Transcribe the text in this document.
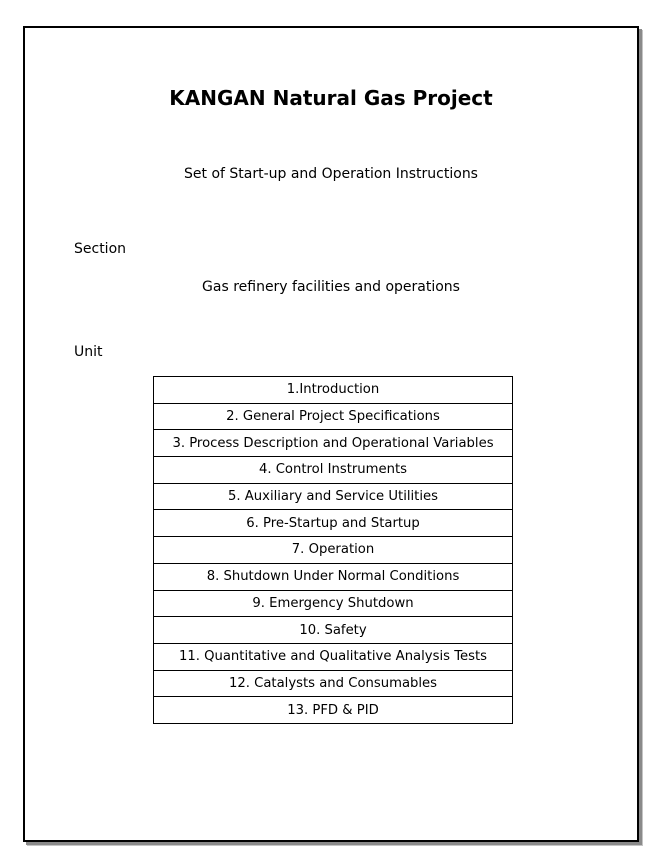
KANGAN Natural Gas Project
Set of Start-up and Operation Instructions
Section
Gas refinery facilities and operations
Unit
1.Introduction
2. General Project Specifications
3. Process Description and Operational Variables
4. Control Instruments
5. Auxiliary and Service Utilities
6. Pre-Startup and Startup
7. Operation
8. Shutdown Under Normal Conditions
9. Emergency Shutdown
10. Safety
11. Quantitative and Qualitative Analysis Tests
12. Catalysts and Consumables
13. PFD & PID
